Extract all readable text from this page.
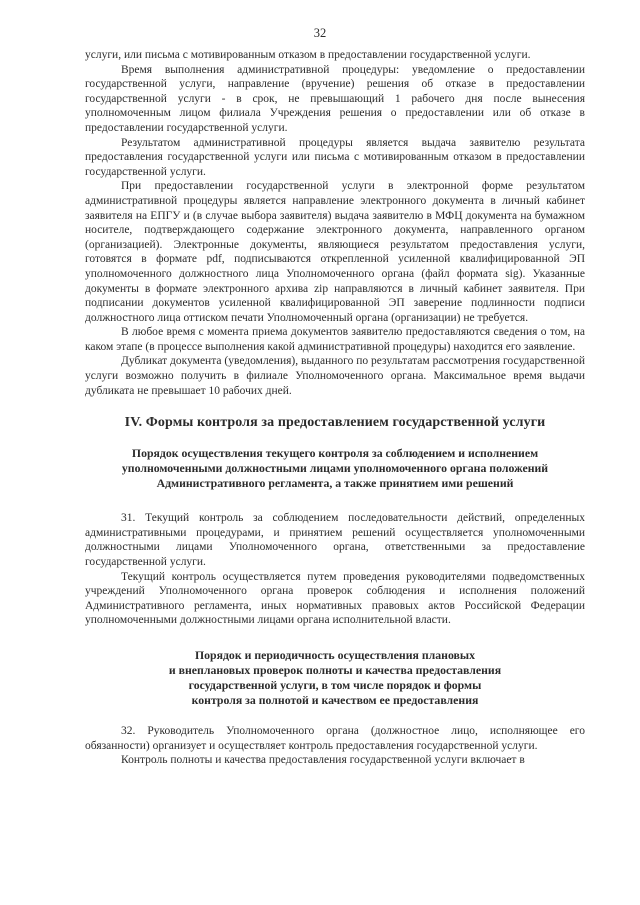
32

услуги, или письма с мотивированным отказом в предоставлении государственной услуги.

Время выполнения административной процедуры: уведомление о предоставлении государственной услуги, направление (вручение) решения об отказе в предоставлении государственной услуги - в срок, не превышающий 1 рабочего дня после вынесения уполномоченным лицом филиала Учреждения решения о предоставлении или об отказе в предоставлении государственной услуги.

Результатом административной процедуры является выдача заявителю результата предоставления государственной услуги или письма с мотивированным отказом в предоставлении государственной услуги.

При предоставлении государственной услуги в электронной форме результатом административной процедуры является направление электронного документа в личный кабинет заявителя на ЕПГУ и (в случае выбора заявителя) выдача заявителю в МФЦ документа на бумажном носителе, подтверждающего содержание электронного документа, направленного органом (организацией). Электронные документы, являющиеся результатом предоставления услуги, готовятся в формате pdf, подписываются открепленной усиленной квалифицированной ЭП уполномоченного должностного лица Уполномоченного органа (файл формата sig). Указанные документы в формате электронного архива zip направляются в личный кабинет заявителя. При подписании документов усиленной квалифицированной ЭП заверение подлинности подписи должностного лица оттиском печати Уполномоченный органа (организации) не требуется.

В любое время с момента приема документов заявителю предоставляются сведения о том, на каком этапе (в процессе выполнения какой административной процедуры) находится его заявление.

Дубликат документа (уведомления), выданного по результатам рассмотрения государственной услуги возможно получить в филиале Уполномоченного органа. Максимальное время выдачи дубликата не превышает 10 рабочих дней.

IV. Формы контроля за предоставлением государственной услуги
Порядок осуществления текущего контроля за соблюдением и исполнением
уполномоченными должностными лицами уполномоченного органа положений
Административного регламента, а также принятием ими решений

31. Текущий контроль за соблюдением последовательности действий, определенных административными процедурами, и принятием решений осуществляется уполномоченными должностными лицами Уполномоченного органа, ответственными за предоставление государственной услуги.

Текущий контроль осуществляется путем проведения руководителями подведомственных учреждений Уполномоченного органа проверок соблюдения и исполнения положений Административного регламента, иных нормативных правовых актов Российской Федерации уполномоченными должностными лицами органа исполнительной власти.

Порядок и периодичность осуществления плановых
и внеплановых проверок полноты и качества предоставления
государственной услуги, в том числе порядок и формы
контроля за полнотой и качеством ее предоставления

32. Руководитель Уполномоченного органа (должностное лицо, исполняющее его обязанности) организует и осуществляет контроль предоставления государственной услуги.

Контроль полноты и качества предоставления государственной услуги включает в
